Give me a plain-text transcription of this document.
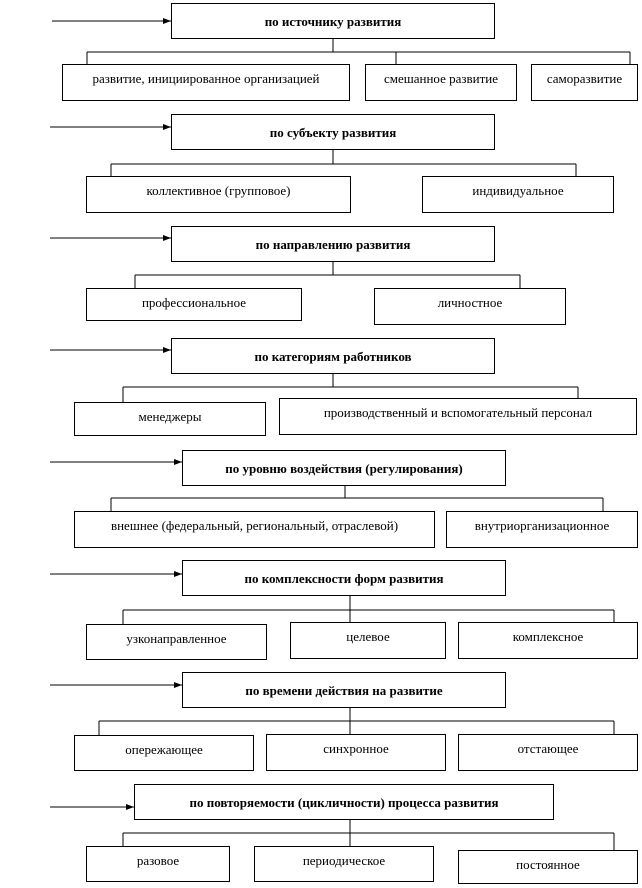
по источнику развития
развитие, инициированное организацией	смешанное развитие	саморазвитие
по субъекту развития
коллективное (групповое)	индивидуальное
по направлению развития
профессиональное	личностное
по категориям работников
менеджеры	производственный и вспомогательный персонал
по уровню воздействия (регулирования)
внешнее (федеральный, региональный, отраслевой)	внутриорганизационное
по комплексности форм развития
узконаправленное	целевое	комплексное
по времени действия на развитие
опережающее	синхронное	отстающее
по повторяемости (цикличности) процесса развития
разовое	периодическое	постоянное
